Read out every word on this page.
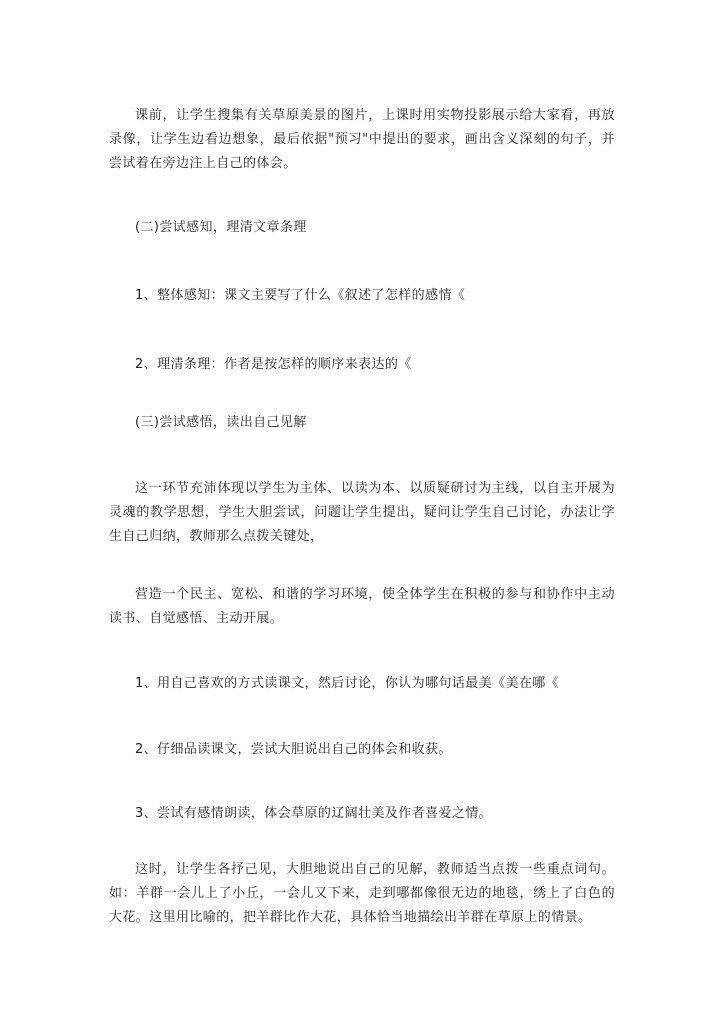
课前，让学生搜集有关草原美景的图片，上课时用实物投影展示给大家看，再放录像，让学生边看边想象，最后依据"预习"中提出的要求，画出含义深刻的句子，并尝试着在旁边注上自己的体会。

(二)尝试感知，理清文章条理

1、整体感知：课文主要写了什么《叙述了怎样的感情《

2、理清条理：作者是按怎样的顺序来表达的《

(三)尝试感悟，读出自己见解

这一环节充沛体现以学生为主体、以读为本、以质疑研讨为主线，以自主开展为灵魂的教学思想，学生大胆尝试，问题让学生提出，疑问让学生自己讨论，办法让学生自己归纳，教师那么点拨关键处，

营造一个民主、宽松、和谐的学习环境，使全体学生在积极的参与和协作中主动读书、自觉感悟、主动开展。

1、用自己喜欢的方式读课文，然后讨论，你认为哪句话最美《美在哪《

2、仔细品读课文，尝试大胆说出自己的体会和收获。

3、尝试有感情朗读，体会草原的辽阔壮美及作者喜爱之情。

这时，让学生各抒己见，大胆地说出自己的见解，教师适当点拨一些重点词句。如：羊群一会儿上了小丘，一会儿又下来，走到哪都像很无边的地毯，绣上了白色的大花。这里用比喻的，把羊群比作大花，具体恰当地描绘出羊群在草原上的情景。
